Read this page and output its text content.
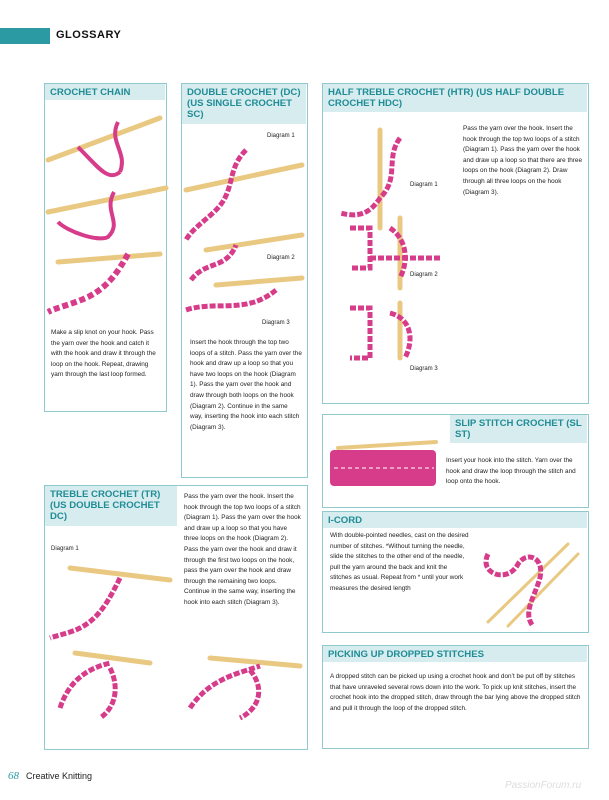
GLOSSARY
CROCHET CHAIN
Make a slip knot on your hook. Pass the yarn over the hook and catch it with the hook and draw it through the loop on the hook. Repeat, drawing yarn through the last loop formed.
DOUBLE CROCHET (DC) (US SINGLE CROCHET SC)
Diagram 1
Diagram 2
Diagram 3
Insert the hook through the top two loops of a stitch. Pass the yarn over the hook and draw up a loop so that you have two loops on the hook (Diagram 1). Pass the yarn over the hook and draw through both loops on the hook (Diagram 2). Continue in the same way, inserting the hook into each stitch (Diagram 3).
HALF TREBLE CROCHET (HTR) (US HALF DOUBLE CROCHET HDC)
Diagram 1
Diagram 2
Diagram 3
Pass the yarn over the hook. Insert the hook through the top two loops of a stitch (Diagram 1). Pass the yarn over the hook and draw up a loop so that there are three loops on the hook (Diagram 2). Draw through all three loops on the hook (Diagram 3).
SLIP STITCH CROCHET (SL ST)
Insert your hook into the stitch. Yarn over the hook and draw the loop through the stitch and loop onto the hook.
TREBLE CROCHET (TR) (US DOUBLE CROCHET DC)
Diagram 1
Pass the yarn over the hook. Insert the hook through the top two loops of a stitch (Diagram 1). Pass the yarn over the hook and draw up a loop so that you have three loops on the hook (Diagram 2). Pass the yarn over the hook and draw it through the first two loops on the hook, pass the yarn over the hook and draw through the remaining two loops. Continue in the same way, inserting the hook into each stitch (Diagram 3).
I-CORD
With double-pointed needles, cast on the desired number of stitches. *Without turning the needle, slide the stitches to the other end of the needle, pull the yarn around the back and knit the stitches as usual. Repeat from * until your work measures the desired length
PICKING UP DROPPED STITCHES
A dropped stitch can be picked up using a crochet hook and don’t be put off by stitches that have unraveled several rows down into the work. To pick up knit stitches, insert the crochet hook into the dropped stitch, draw through the bar lying above the dropped stitch and pull it through the loop of the dropped stitch.
68 Creative Knitting
PassionForum.ru
